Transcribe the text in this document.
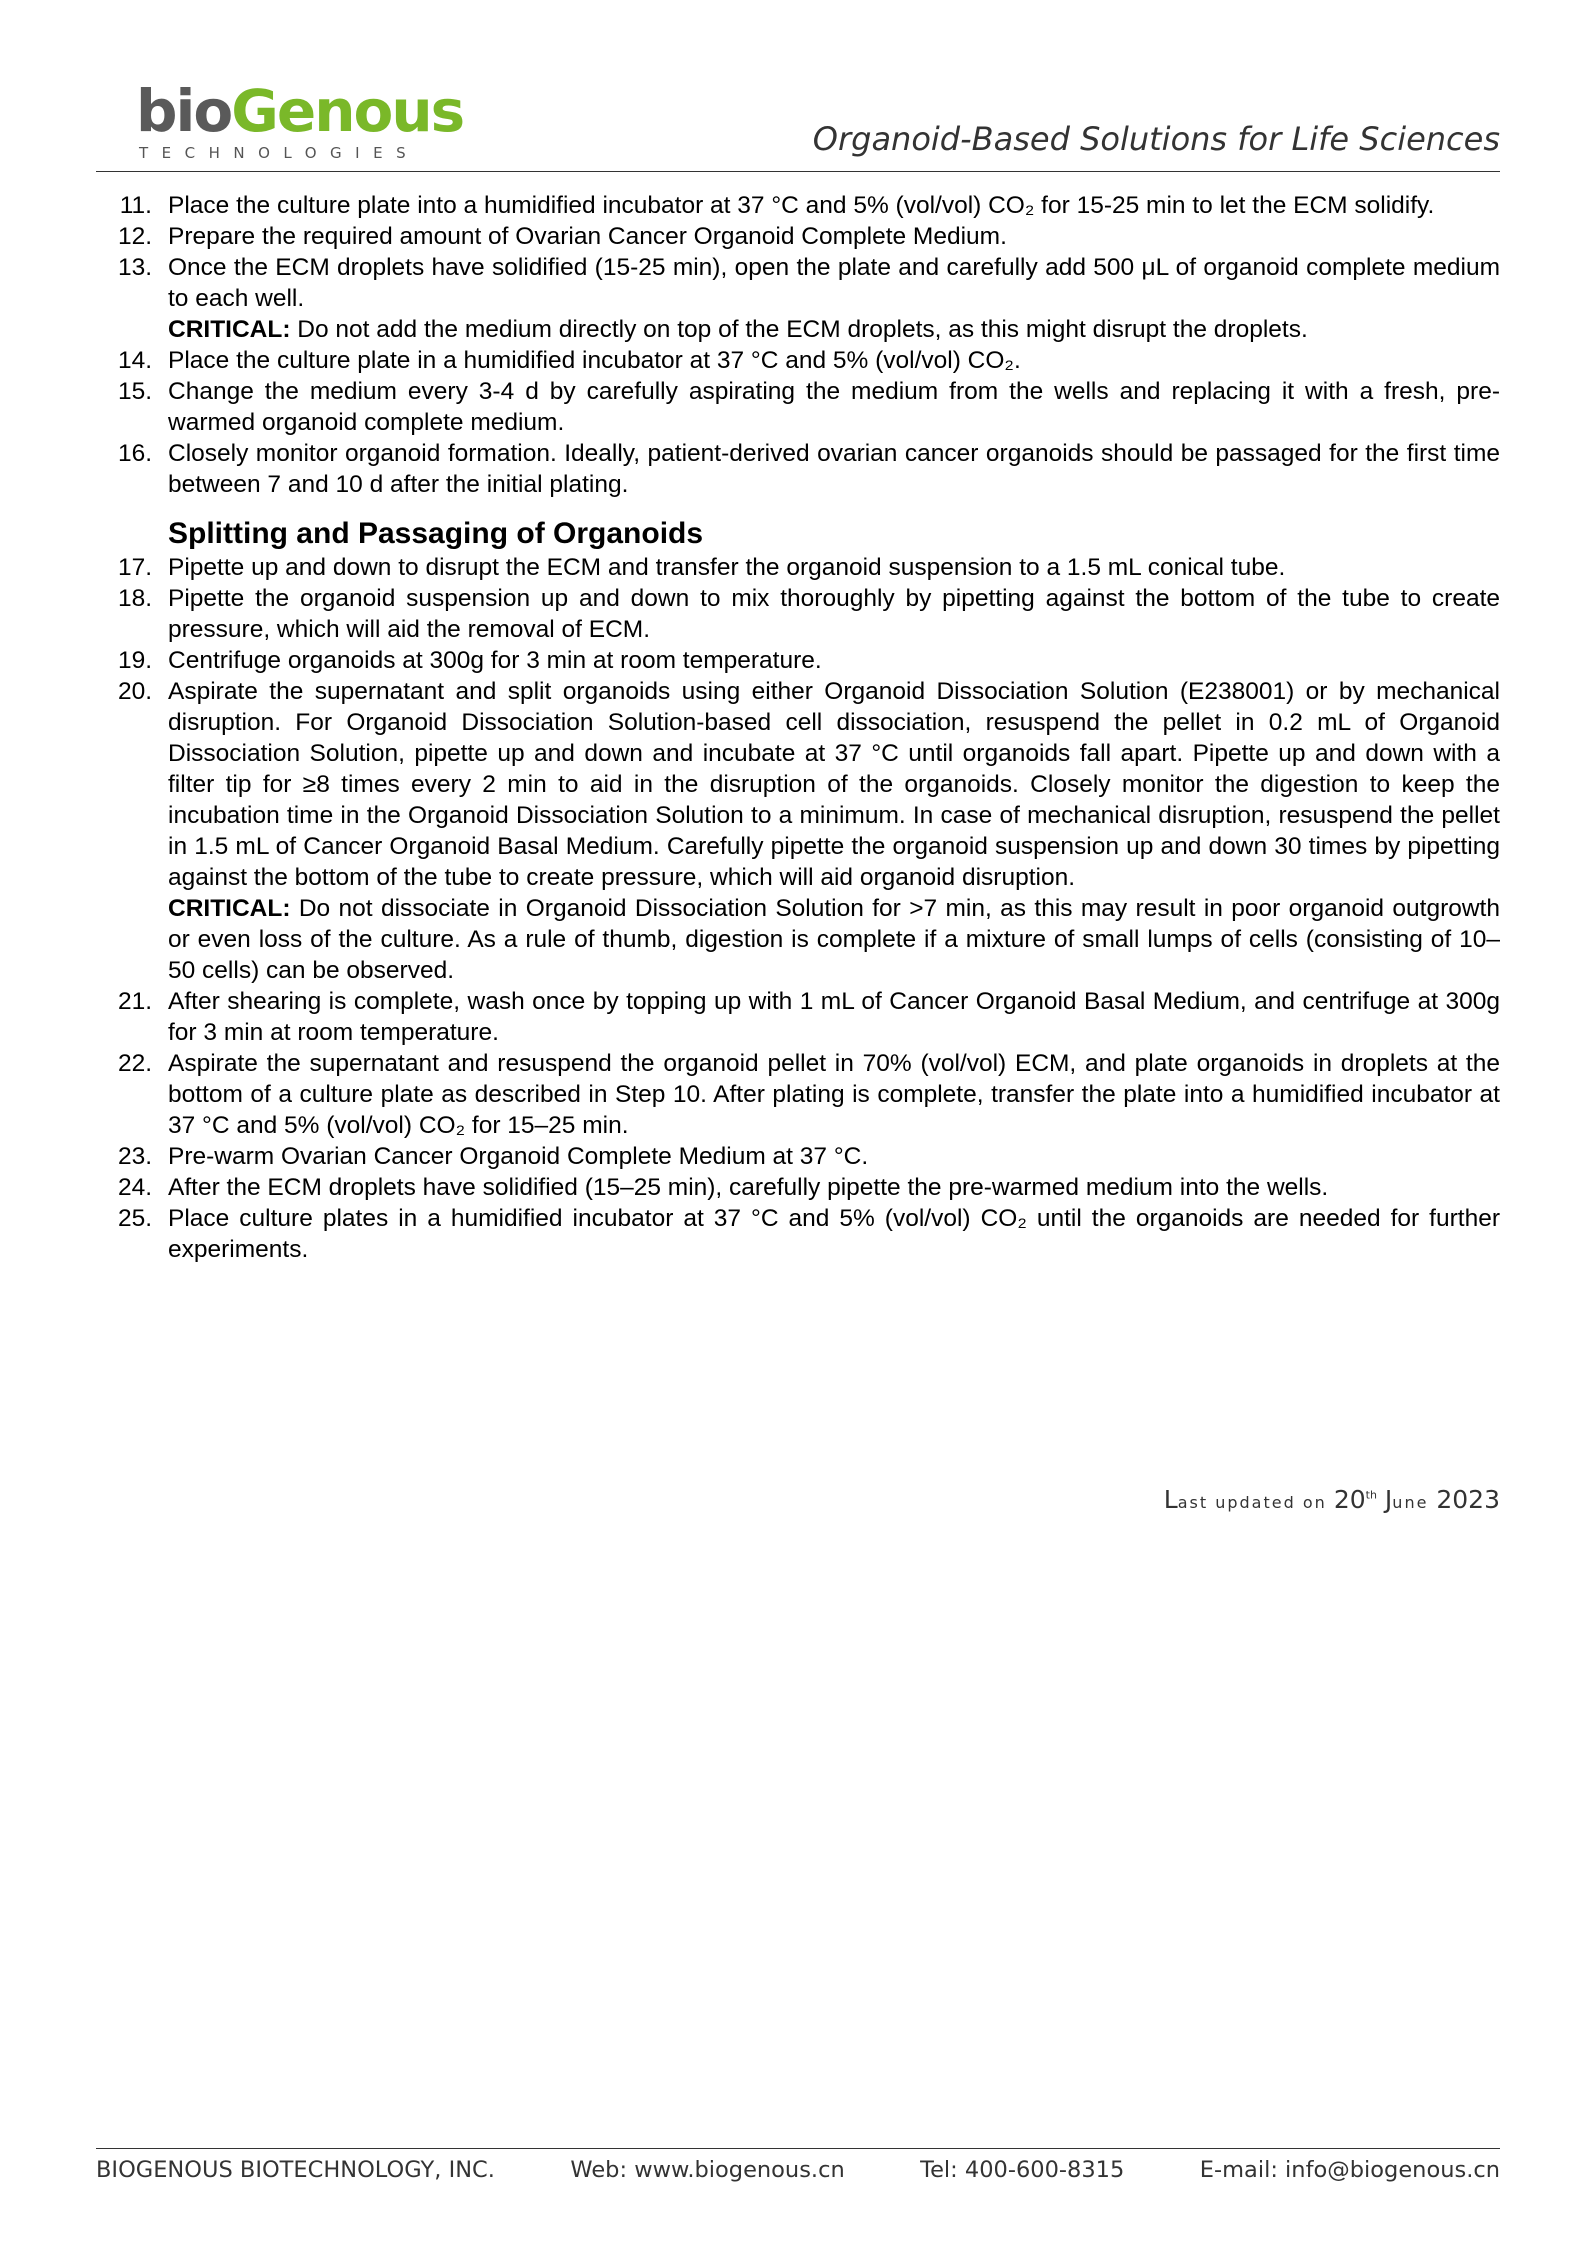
bioGenous
TECHNOLOGIES	Organoid-Based Solutions for Life Sciences
11. Place the culture plate into a humidified incubator at 37 °C and 5% (vol/vol) CO₂ for 15-25 min to let the ECM solidify.
12. Prepare the required amount of Ovarian Cancer Organoid Complete Medium.
13. Once the ECM droplets have solidified (15-25 min), open the plate and carefully add 500 μL of organoid complete medium to each well.
CRITICAL: Do not add the medium directly on top of the ECM droplets, as this might disrupt the droplets.
14. Place the culture plate in a humidified incubator at 37 °C and 5% (vol/vol) CO₂.
15. Change the medium every 3-4 d by carefully aspirating the medium from the wells and replacing it with a fresh, pre-warmed organoid complete medium.
16. Closely monitor organoid formation. Ideally, patient-derived ovarian cancer organoids should be passaged for the first time between 7 and 10 d after the initial plating.
Splitting and Passaging of Organoids
17. Pipette up and down to disrupt the ECM and transfer the organoid suspension to a 1.5 mL conical tube.
18. Pipette the organoid suspension up and down to mix thoroughly by pipetting against the bottom of the tube to create pressure, which will aid the removal of ECM.
19. Centrifuge organoids at 300g for 3 min at room temperature.
20. Aspirate the supernatant and split organoids using either Organoid Dissociation Solution (E238001) or by mechanical disruption. For Organoid Dissociation Solution-based cell dissociation, resuspend the pellet in 0.2 mL of Organoid Dissociation Solution, pipette up and down and incubate at 37 °C until organoids fall apart. Pipette up and down with a filter tip for ≥8 times every 2 min to aid in the disruption of the organoids. Closely monitor the digestion to keep the incubation time in the Organoid Dissociation Solution to a minimum. In case of mechanical disruption, resuspend the pellet in 1.5 mL of Cancer Organoid Basal Medium. Carefully pipette the organoid suspension up and down 30 times by pipetting against the bottom of the tube to create pressure, which will aid organoid disruption.
CRITICAL: Do not dissociate in Organoid Dissociation Solution for >7 min, as this may result in poor organoid outgrowth or even loss of the culture. As a rule of thumb, digestion is complete if a mixture of small lumps of cells (consisting of 10–50 cells) can be observed.
21. After shearing is complete, wash once by topping up with 1 mL of Cancer Organoid Basal Medium, and centrifuge at 300g for 3 min at room temperature.
22. Aspirate the supernatant and resuspend the organoid pellet in 70% (vol/vol) ECM, and plate organoids in droplets at the bottom of a culture plate as described in Step 10. After plating is complete, transfer the plate into a humidified incubator at 37 °C and 5% (vol/vol) CO₂ for 15–25 min.
23. Pre-warm Ovarian Cancer Organoid Complete Medium at 37 °C.
24. After the ECM droplets have solidified (15–25 min), carefully pipette the pre-warmed medium into the wells.
25. Place culture plates in a humidified incubator at 37 °C and 5% (vol/vol) CO₂ until the organoids are needed for further experiments.
Last updated on 20th June 2023
BIOGENOUS BIOTECHNOLOGY, INC.	Web: www.biogenous.cn	Tel: 400-600-8315	E-mail: info@biogenous.cn
